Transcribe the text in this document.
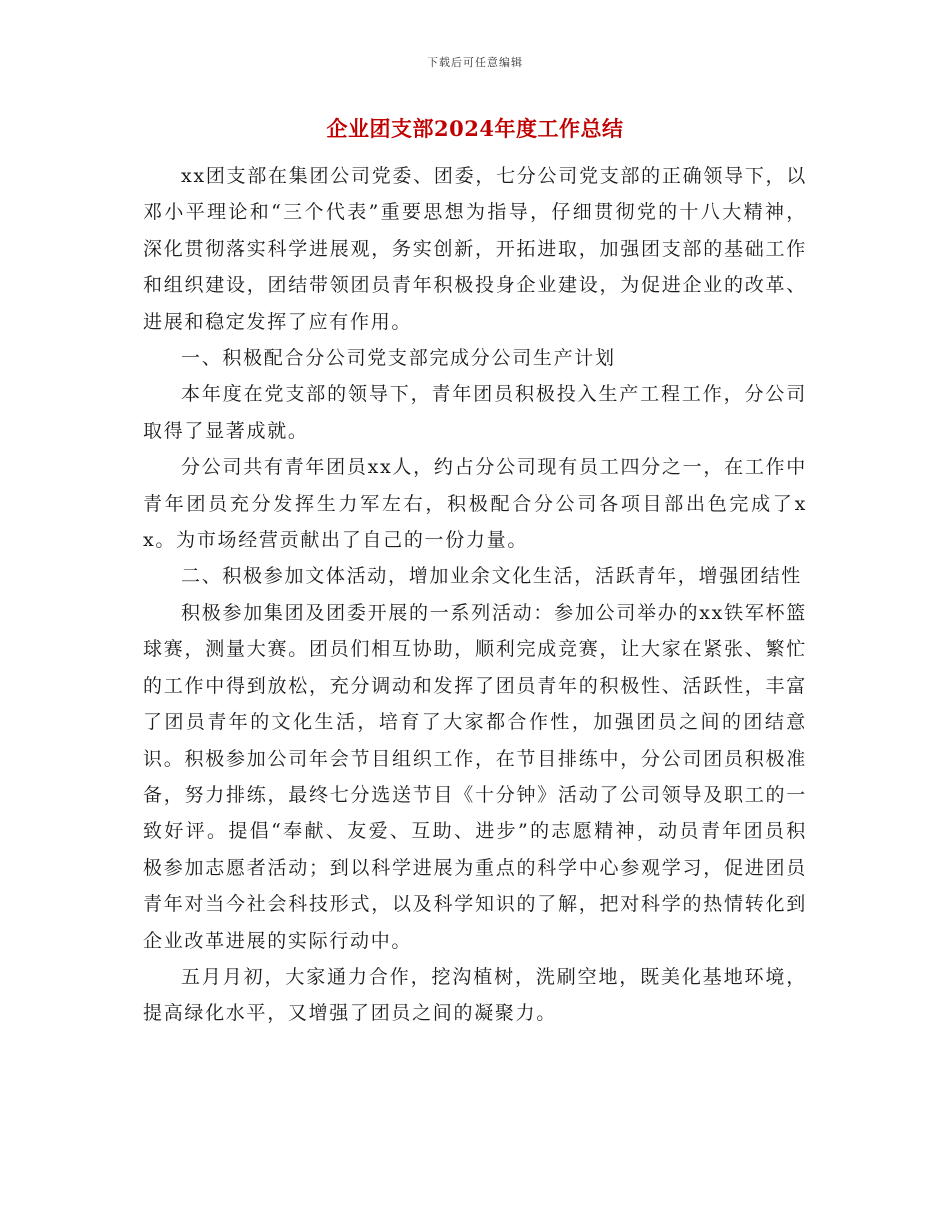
下载后可任意编辑
企业团支部2024年度工作总结

xx团支部在集团公司党委、团委，七分公司党支部的正确领导下，以邓小平理论和“三个代表”重要思想为指导，仔细贯彻党的十八大精神，深化贯彻落实科学进展观，务实创新，开拓进取，加强团支部的基础工作和组织建设，团结带领团员青年积极投身企业建设，为促进企业的改革、进展和稳定发挥了应有作用。

一、积极配合分公司党支部完成分公司生产计划

本年度在党支部的领导下，青年团员积极投入生产工程工作，分公司取得了显著成就。

分公司共有青年团员xx人，约占分公司现有员工四分之一，在工作中青年团员充分发挥生力军左右，积极配合分公司各项目部出色完成了xx。为市场经营贡献出了自己的一份力量。

二、积极参加文体活动，增加业余文化生活，活跃青年，增强团结性

积极参加集团及团委开展的一系列活动：参加公司举办的xx铁军杯篮球赛，测量大赛。团员们相互协助，顺利完成竞赛，让大家在紧张、繁忙的工作中得到放松，充分调动和发挥了团员青年的积极性、活跃性，丰富了团员青年的文化生活，培育了大家都合作性，加强团员之间的团结意识。积极参加公司年会节目组织工作，在节目排练中，分公司团员积极准备，努力排练，最终七分选送节目《十分钟》活动了公司领导及职工的一致好评。提倡“奉献、友爱、互助、进步”的志愿精神，动员青年团员积极参加志愿者活动；到以科学进展为重点的科学中心参观学习，促进团员青年对当今社会科技形式，以及科学知识的了解，把对科学的热情转化到企业改革进展的实际行动中。

五月月初，大家通力合作，挖沟植树，洗刷空地，既美化基地环境，提高绿化水平，又增强了团员之间的凝聚力。
